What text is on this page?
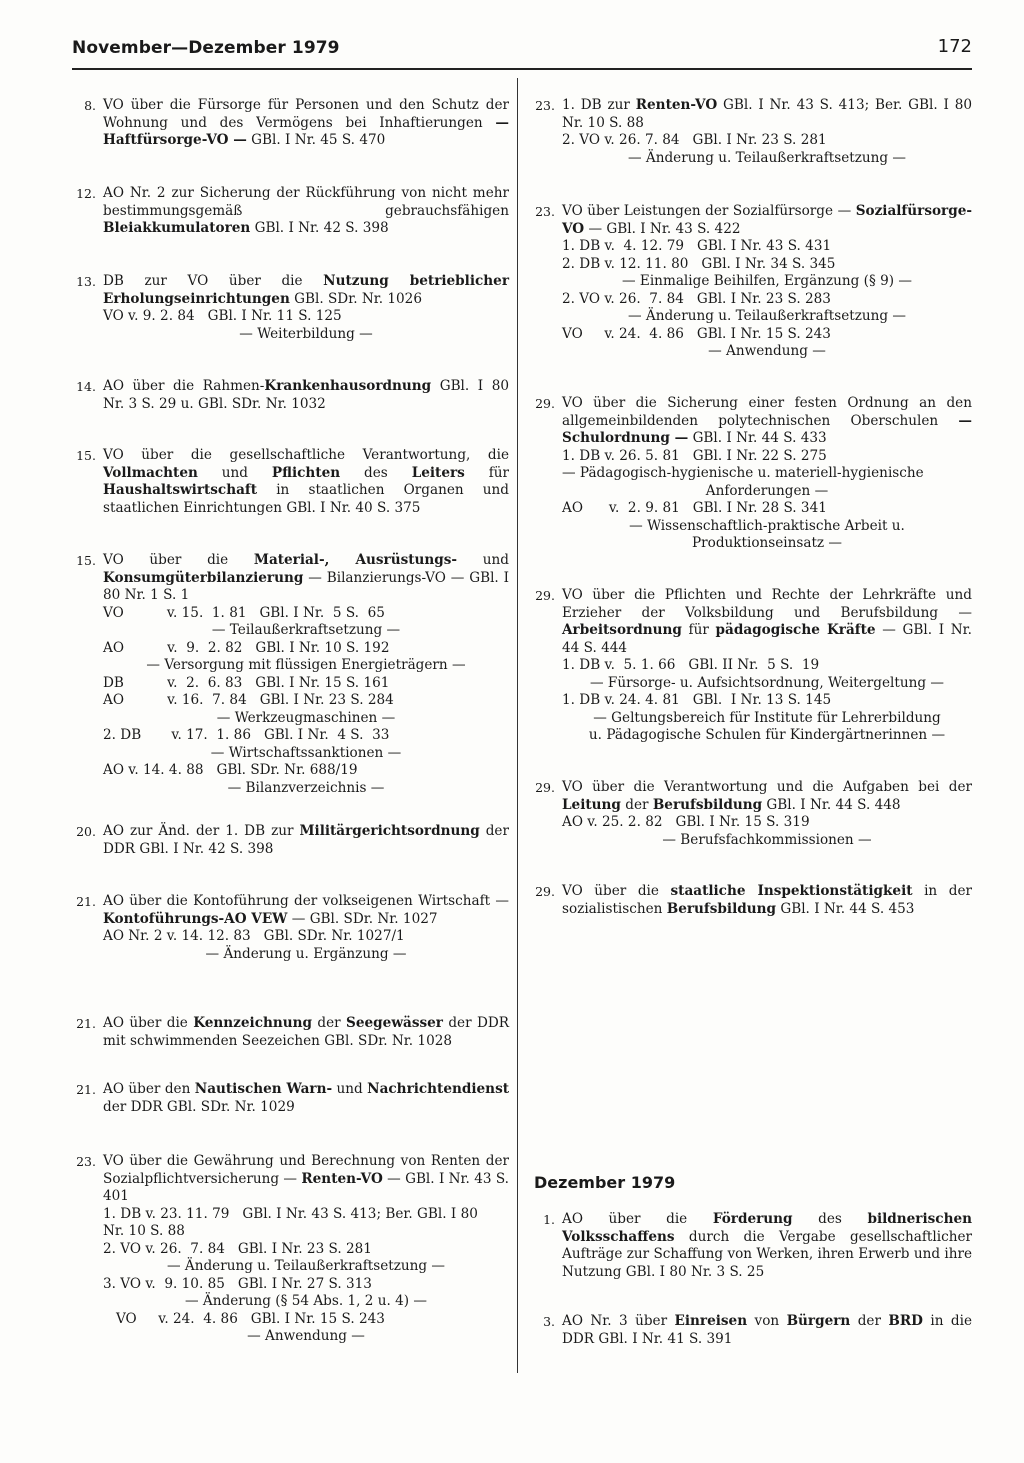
November—Dezember 1979	172
Dezember 1979
8. VO über die Fürsorge für Personen und den Schutz der Wohnung und des Vermögens bei Inhaftierungen — Haftfürsorge-VO — GBl. I Nr. 45 S. 470
12. AO Nr. 2 zur Sicherung der Rückführung von nicht mehr bestimmungsgemäß gebrauchsfähigen Bleiakkumulatoren GBl. I Nr. 42 S. 398
13. DB zur VO über die Nutzung betrieblicher Erholungseinrichtungen GBl. SDr. Nr. 1026
VO v. 9. 2. 84   GBl. I Nr. 11 S. 125
— Weiterbildung —
14. AO über die Rahmen-Krankenhausordnung GBl. I 80 Nr. 3 S. 29 u. GBl. SDr. Nr. 1032
15. VO über die gesellschaftliche Verantwortung, die Vollmachten und Pflichten des Leiters für Haushaltswirtschaft in staatlichen Organen und staatlichen Einrichtungen GBl. I Nr. 40 S. 375
15. VO über die Material-, Ausrüstungs- und Konsumgüterbilanzierung — Bilanzierungs-VO — GBl. I 80 Nr. 1 S. 1
VO          v. 15.  1. 81   GBl. I Nr.  5 S.  65
— Teilaußerkraftsetzung —
AO          v.  9.  2. 82   GBl. I Nr. 10 S. 192
— Versorgung mit flüssigen Energieträgern —
DB          v.  2.  6. 83   GBl. I Nr. 15 S. 161
AO          v. 16.  7. 84   GBl. I Nr. 23 S. 284
— Werkzeugmaschinen —
2. DB       v. 17.  1. 86   GBl. I Nr.  4 S.  33
— Wirtschaftssanktionen —
AO v. 14. 4. 88   GBl. SDr. Nr. 688/19
— Bilanzverzeichnis —
20. AO zur Änd. der 1. DB zur Militärgerichtsordnung der DDR GBl. I Nr. 42 S. 398
21. AO über die Kontoführung der volkseigenen Wirtschaft — Kontoführungs-AO VEW — GBl. SDr. Nr. 1027
AO Nr. 2 v. 14. 12. 83   GBl. SDr. Nr. 1027/1
— Änderung u. Ergänzung —
21. AO über die Kennzeichnung der Seegewässer der DDR mit schwimmenden Seezeichen GBl. SDr. Nr. 1028
21. AO über den Nautischen Warn- und Nachrichtendienst der DDR GBl. SDr. Nr. 1029
23. VO über die Gewährung und Berechnung von Renten der Sozialpflichtversicherung — Renten-VO — GBl. I Nr. 43 S. 401
1. DB v. 23. 11. 79   GBl. I Nr. 43 S. 413; Ber. GBl. I 80
Nr. 10 S. 88
2. VO v. 26.  7. 84   GBl. I Nr. 23 S. 281
— Änderung u. Teilaußerkraftsetzung —
3. VO v.  9. 10. 85   GBl. I Nr. 27 S. 313
— Änderung (§ 54 Abs. 1, 2 u. 4) —
VO     v. 24.  4. 86   GBl. I Nr. 15 S. 243
— Anwendung —
23. 1. DB zur Renten-VO GBl. I Nr. 43 S. 413; Ber. GBl. I 80 Nr. 10 S. 88
2. VO v. 26. 7. 84   GBl. I Nr. 23 S. 281
— Änderung u. Teilaußerkraftsetzung —
23. VO über Leistungen der Sozialfürsorge — Sozialfürsorge-VO — GBl. I Nr. 43 S. 422
1. DB v.  4. 12. 79   GBl. I Nr. 43 S. 431
2. DB v. 12. 11. 80   GBl. I Nr. 34 S. 345
— Einmalige Beihilfen, Ergänzung (§ 9) —
2. VO v. 26.  7. 84   GBl. I Nr. 23 S. 283
— Änderung u. Teilaußerkraftsetzung —
VO     v. 24.  4. 86   GBl. I Nr. 15 S. 243
— Anwendung —
29. VO über die Sicherung einer festen Ordnung an den allgemeinbildenden polytechnischen Oberschulen — Schulordnung — GBl. I Nr. 44 S. 433
1. DB v. 26. 5. 81   GBl. I Nr. 22 S. 275
— Pädagogisch-hygienische u. materiell-hygienische
Anforderungen —
AO      v.  2. 9. 81   GBl. I Nr. 28 S. 341
— Wissenschaftlich-praktische Arbeit u.
Produktionseinsatz —
29. VO über die Pflichten und Rechte der Lehrkräfte und Erzieher der Volksbildung und Berufsbildung — Arbeitsordnung für pädagogische Kräfte — GBl. I Nr. 44 S. 444
1. DB v.  5. 1. 66   GBl. II Nr.  5 S.  19
— Fürsorge- u. Aufsichtsordnung, Weitergeltung —
1. DB v. 24. 4. 81   GBl.  I Nr. 13 S. 145
— Geltungsbereich für Institute für Lehrerbildung
u. Pädagogische Schulen für Kindergärtnerinnen —
29. VO über die Verantwortung und die Aufgaben bei der Leitung der Berufsbildung GBl. I Nr. 44 S. 448
AO v. 25. 2. 82   GBl. I Nr. 15 S. 319
— Berufsfachkommissionen —
29. VO über die staatliche Inspektionstätigkeit in der sozialistischen Berufsbildung GBl. I Nr. 44 S. 453
1. AO über die Förderung des bildnerischen Volksschaffens durch die Vergabe gesellschaftlicher Aufträge zur Schaffung von Werken, ihren Erwerb und ihre Nutzung GBl. I 80 Nr. 3 S. 25
3. AO Nr. 3 über Einreisen von Bürgern der BRD in die DDR GBl. I Nr. 41 S. 391
